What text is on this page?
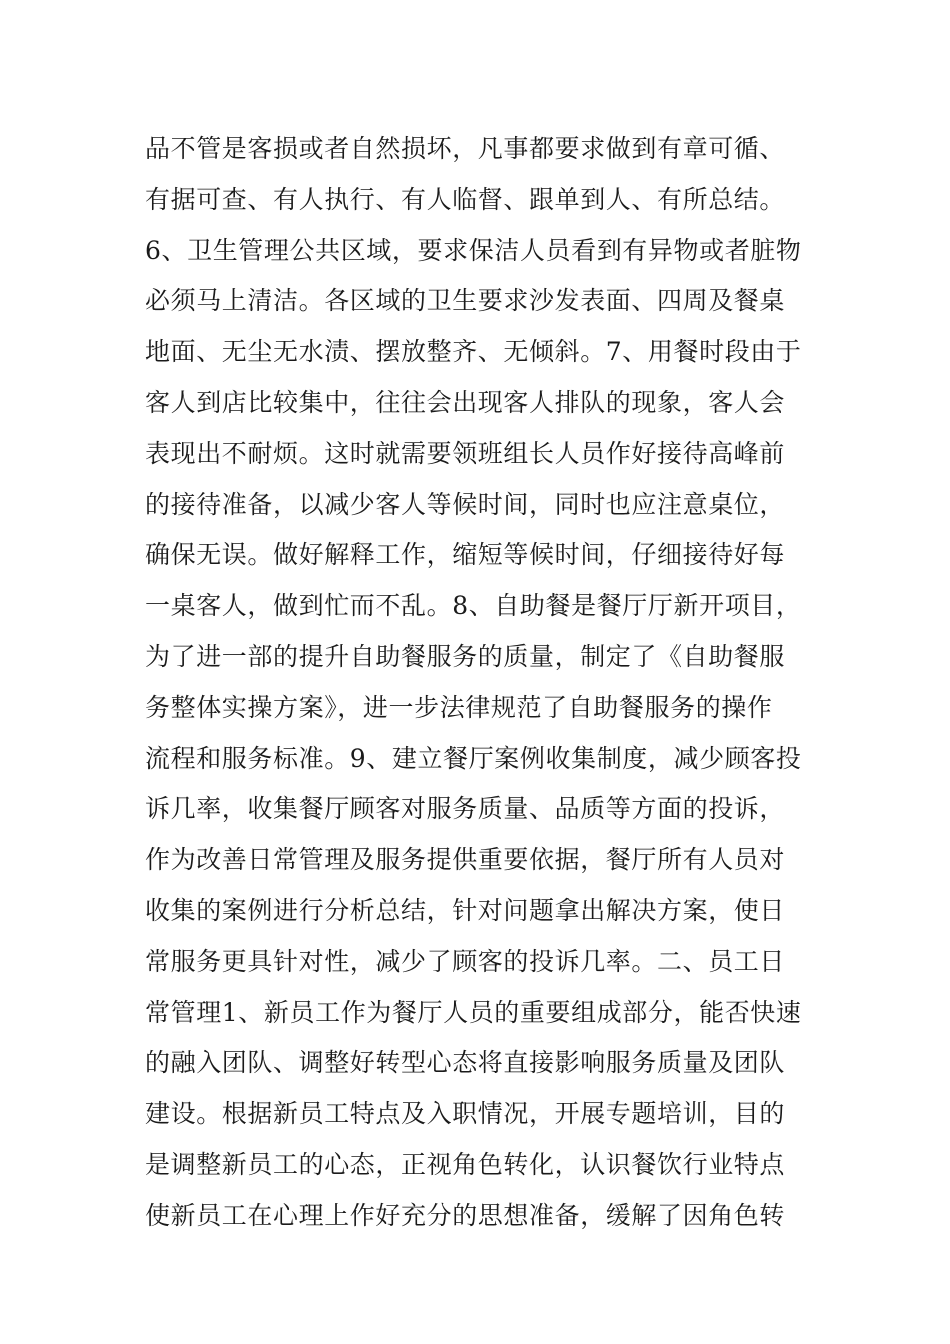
品不管是客损或者自然损坏，凡事都要求做到有章可循、
有据可查、有人执行、有人临督、跟单到人、有所总结。
6、卫生管理公共区域，要求保洁人员看到有异物或者脏物
必须马上清洁。各区域的卫生要求沙发表面、四周及餐桌
地面、无尘无水渍、摆放整齐、无倾斜。7、用餐时段由于
客人到店比较集中，往往会出现客人排队的现象，客人会
表现出不耐烦。这时就需要领班组长人员作好接待高峰前
的接待准备，以减少客人等候时间，同时也应注意桌位，
确保无误。做好解释工作，缩短等候时间，仔细接待好每
一桌客人，做到忙而不乱。8、自助餐是餐厅厅新开项目，
为了进一部的提升自助餐服务的质量，制定了《自助餐服
务整体实操方案》，进一步法律规范了自助餐服务的操作
流程和服务标准。9、建立餐厅案例收集制度，减少顾客投
诉几率，收集餐厅顾客对服务质量、品质等方面的投诉，
作为改善日常管理及服务提供重要依据，餐厅所有人员对
收集的案例进行分析总结，针对问题拿出解决方案，使日
常服务更具针对性，减少了顾客的投诉几率。二、员工日
常管理1、新员工作为餐厅人员的重要组成部分，能否快速
的融入团队、调整好转型心态将直接影响服务质量及团队
建设。根据新员工特点及入职情况，开展专题培训，目的
是调整新员工的心态，正视角色转化，认识餐饮行业特点
使新员工在心理上作好充分的思想准备，缓解了因角色转
